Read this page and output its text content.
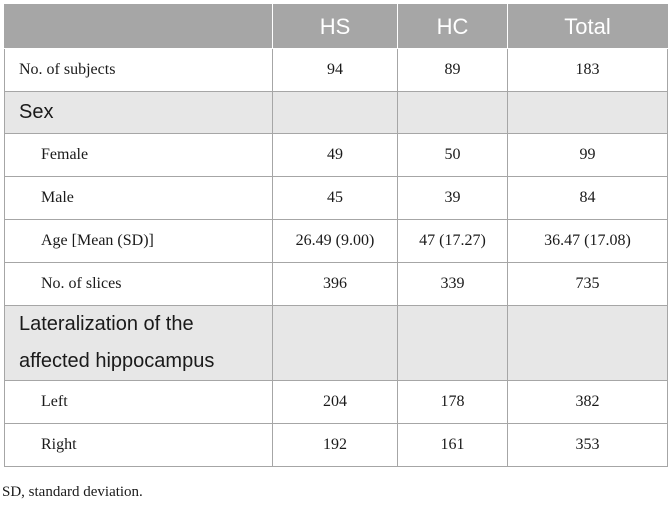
	HS	HC	Total
No. of subjects	94	89	183
Sex			
Female	49	50	99
Male	45	39	84
Age [Mean (SD)]	26.49 (9.00)	47 (17.27)	36.47 (17.08)
No. of slices	396	339	735
Lateralization of the			
affected hippocampus			
Left	204	178	382
Right	192	161	353
SD, standard deviation.
